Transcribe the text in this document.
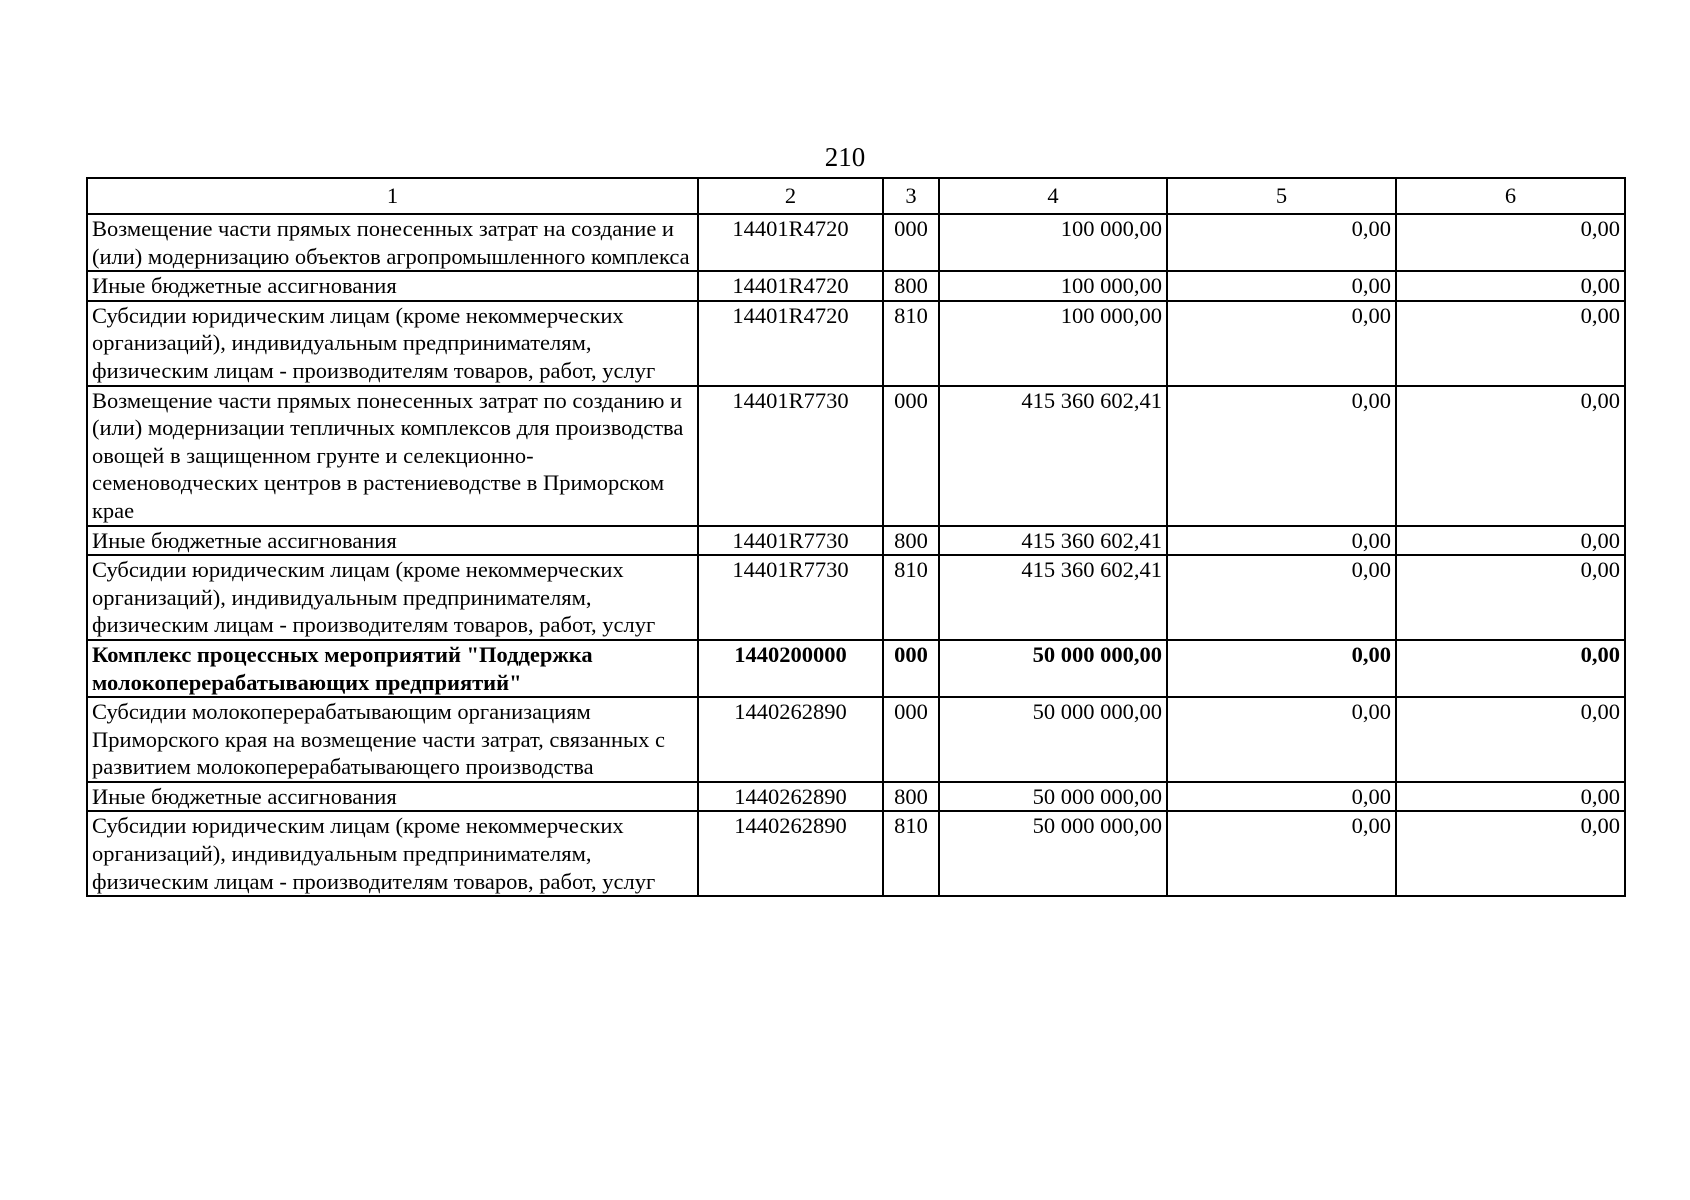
210
1	2	3	4	5	6
Возмещение части прямых понесенных затрат на создание и (или) модернизацию объектов агропромышленного комплекса	14401R4720	000	100 000,00	0,00	0,00
Иные бюджетные ассигнования	14401R4720	800	100 000,00	0,00	0,00
Субсидии юридическим лицам (кроме некоммерческих организаций), индивидуальным предпринимателям, физическим лицам - производителям товаров, работ, услуг	14401R4720	810	100 000,00	0,00	0,00
Возмещение части прямых понесенных затрат по созданию и (или) модернизации тепличных комплексов для производства овощей в защищенном грунте и селекционно-семеноводческих центров в растениеводстве в Приморском крае	14401R7730	000	415 360 602,41	0,00	0,00
Иные бюджетные ассигнования	14401R7730	800	415 360 602,41	0,00	0,00
Субсидии юридическим лицам (кроме некоммерческих организаций), индивидуальным предпринимателям, физическим лицам - производителям товаров, работ, услуг	14401R7730	810	415 360 602,41	0,00	0,00
Комплекс процессных мероприятий "Поддержка молокоперерабатывающих предприятий"	1440200000	000	50 000 000,00	0,00	0,00
Субсидии молокоперерабатывающим организациям Приморского края на возмещение части затрат, связанных с развитием молокоперерабатывающего производства	1440262890	000	50 000 000,00	0,00	0,00
Иные бюджетные ассигнования	1440262890	800	50 000 000,00	0,00	0,00
Субсидии юридическим лицам (кроме некоммерческих организаций), индивидуальным предпринимателям, физическим лицам - производителям товаров, работ, услуг	1440262890	810	50 000 000,00	0,00	0,00
